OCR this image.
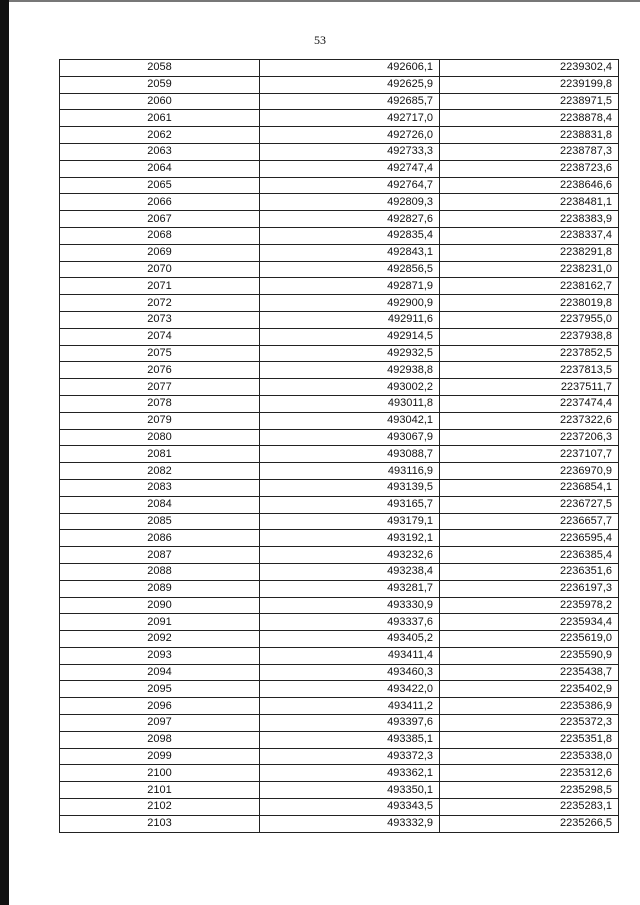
53
2058	492606,1	2239302,4
2059	492625,9	2239199,8
2060	492685,7	2238971,5
2061	492717,0	2238878,4
2062	492726,0	2238831,8
2063	492733,3	2238787,3
2064	492747,4	2238723,6
2065	492764,7	2238646,6
2066	492809,3	2238481,1
2067	492827,6	2238383,9
2068	492835,4	2238337,4
2069	492843,1	2238291,8
2070	492856,5	2238231,0
2071	492871,9	2238162,7
2072	492900,9	2238019,8
2073	492911,6	2237955,0
2074	492914,5	2237938,8
2075	492932,5	2237852,5
2076	492938,8	2237813,5
2077	493002,2	2237511,7
2078	493011,8	2237474,4
2079	493042,1	2237322,6
2080	493067,9	2237206,3
2081	493088,7	2237107,7
2082	493116,9	2236970,9
2083	493139,5	2236854,1
2084	493165,7	2236727,5
2085	493179,1	2236657,7
2086	493192,1	2236595,4
2087	493232,6	2236385,4
2088	493238,4	2236351,6
2089	493281,7	2236197,3
2090	493330,9	2235978,2
2091	493337,6	2235934,4
2092	493405,2	2235619,0
2093	493411,4	2235590,9
2094	493460,3	2235438,7
2095	493422,0	2235402,9
2096	493411,2	2235386,9
2097	493397,6	2235372,3
2098	493385,1	2235351,8
2099	493372,3	2235338,0
2100	493362,1	2235312,6
2101	493350,1	2235298,5
2102	493343,5	2235283,1
2103	493332,9	2235266,5
